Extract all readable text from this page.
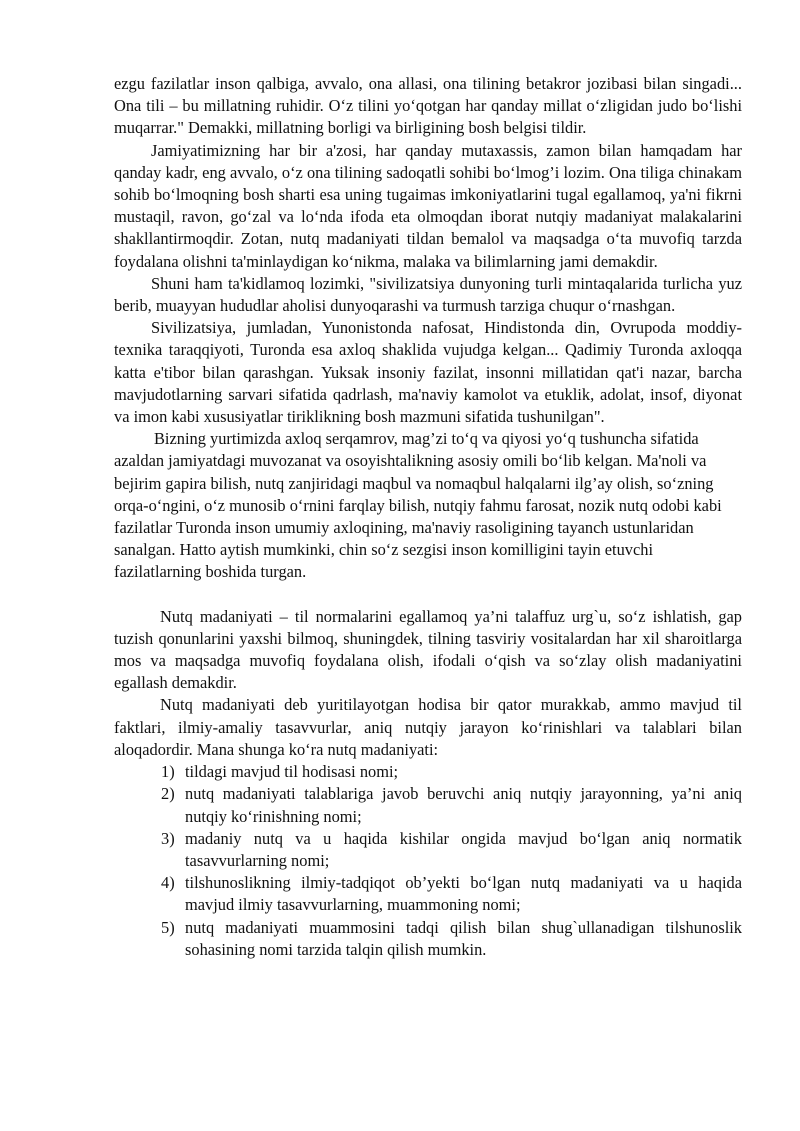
ezgu fazilatlar inson qalbiga, avvalo, ona allasi, ona tilining betakror jozibasi bilan singadi... Ona tili – bu millatning ruhidir. O‘z tilini yo‘qotgan har qanday millat o‘zligidan judo bo‘lishi muqarrar." Demakki, millatning borligi va birligining bosh belgisi tildir.

Jamiyatimizning har bir a'zosi, har qanday mutaxassis, zamon bilan hamqadam har qanday kadr, eng avvalo, o‘z ona tilining sadoqatli sohibi bo‘lmog’i lozim. Ona tiliga chinakam sohib bo‘lmoqning bosh sharti esa uning tugaimas imkoniyatlarini tugal egallamoq, ya'ni fikrni mustaqil, ravon, go‘zal va lo‘nda ifoda eta olmoqdan iborat nutqiy madaniyat malakalarini shakllantirmoqdir. Zotan, nutq madaniyati tildan bemalol va maqsadga o‘ta muvofiq tarzda foydalana olishni ta'minlaydigan ko‘nikma, malaka va bilimlarning jami demakdir.

Shuni ham ta'kidlamoq lozimki, "sivilizatsiya dunyoning turli mintaqalarida turlicha yuz berib, muayyan hududlar aholisi dunyoqarashi va turmush tarziga chuqur o‘rnashgan.

Sivilizatsiya, jumladan, Yunonistonda nafosat, Hindistonda din, Ovrupoda moddiy-texnika taraqqiyoti, Turonda esa axloq shaklida vujudga kelgan... Qadimiy Turonda axloqqa katta e'tibor bilan qarashgan. Yuksak insoniy fazilat, insonni millatidan qat'i nazar, barcha mavjudotlarning sarvari sifatida qadrlash, ma'naviy kamolot va etuklik, adolat, insof, diyonat va imon kabi xususiyatlar tiriklikning bosh mazmuni sifatida tushunilgan".

Bizning yurtimizda axloq serqamrov, mag’zi to‘q va qiyosi yo‘q tushuncha sifatida azaldan jamiyatdagi muvozanat va osoyishtalikning asosiy omili bo‘lib kelgan. Ma'noli va bejirim gapira bilish, nutq zanjiridagi maqbul va nomaqbul halqalarni ilg’ay olish, so‘zning orqa-o‘ngini, o‘z munosib o‘rnini farqlay bilish, nutqiy fahmu farosat, nozik nutq odobi kabi fazilatlar Turonda inson umumiy axloqining, ma'naviy rasoligining tayanch ustunlaridan sanalgan. Hatto aytish mumkinki, chin so‘z sezgisi inson komilligini tayin etuvchi fazilatlarning boshida turgan.

Nutq madaniyati – til normalarini egallamoq ya’ni talaffuz urg`u, so‘z ishlatish, gap tuzish qonunlarini yaxshi bilmoq, shuningdek, tilning tasviriy vositalardan har xil sharoitlarga mos va maqsadga muvofiq foydalana olish, ifodali o‘qish va so‘zlay olish madaniyatini egallash demakdir.

Nutq madaniyati deb yuritilayotgan hodisa bir qator murakkab, ammo mavjud til faktlari, ilmiy-amaliy tasavvurlar, aniq nutqiy jarayon ko‘rinishlari va talablari bilan aloqadordir. Mana shunga ko‘ra nutq madaniyati:

1) tildagi mavjud til hodisasi nomi;
2) nutq madaniyati talablariga javob beruvchi aniq nutqiy jarayonning, ya’ni aniq nutqiy ko‘rinishning nomi;
3) madaniy nutq va u haqida kishilar ongida mavjud bo‘lgan aniq normatik tasavvurlarning nomi;
4) tilshunoslikning ilmiy-tadqiqot ob’yekti bo‘lgan nutq madaniyati va u haqida mavjud ilmiy tasavvurlarning, muammoning nomi;
5) nutq madaniyati muammosini tadqi qilish bilan shug`ullanadigan tilshunoslik sohasining nomi tarzida talqin qilish mumkin.
